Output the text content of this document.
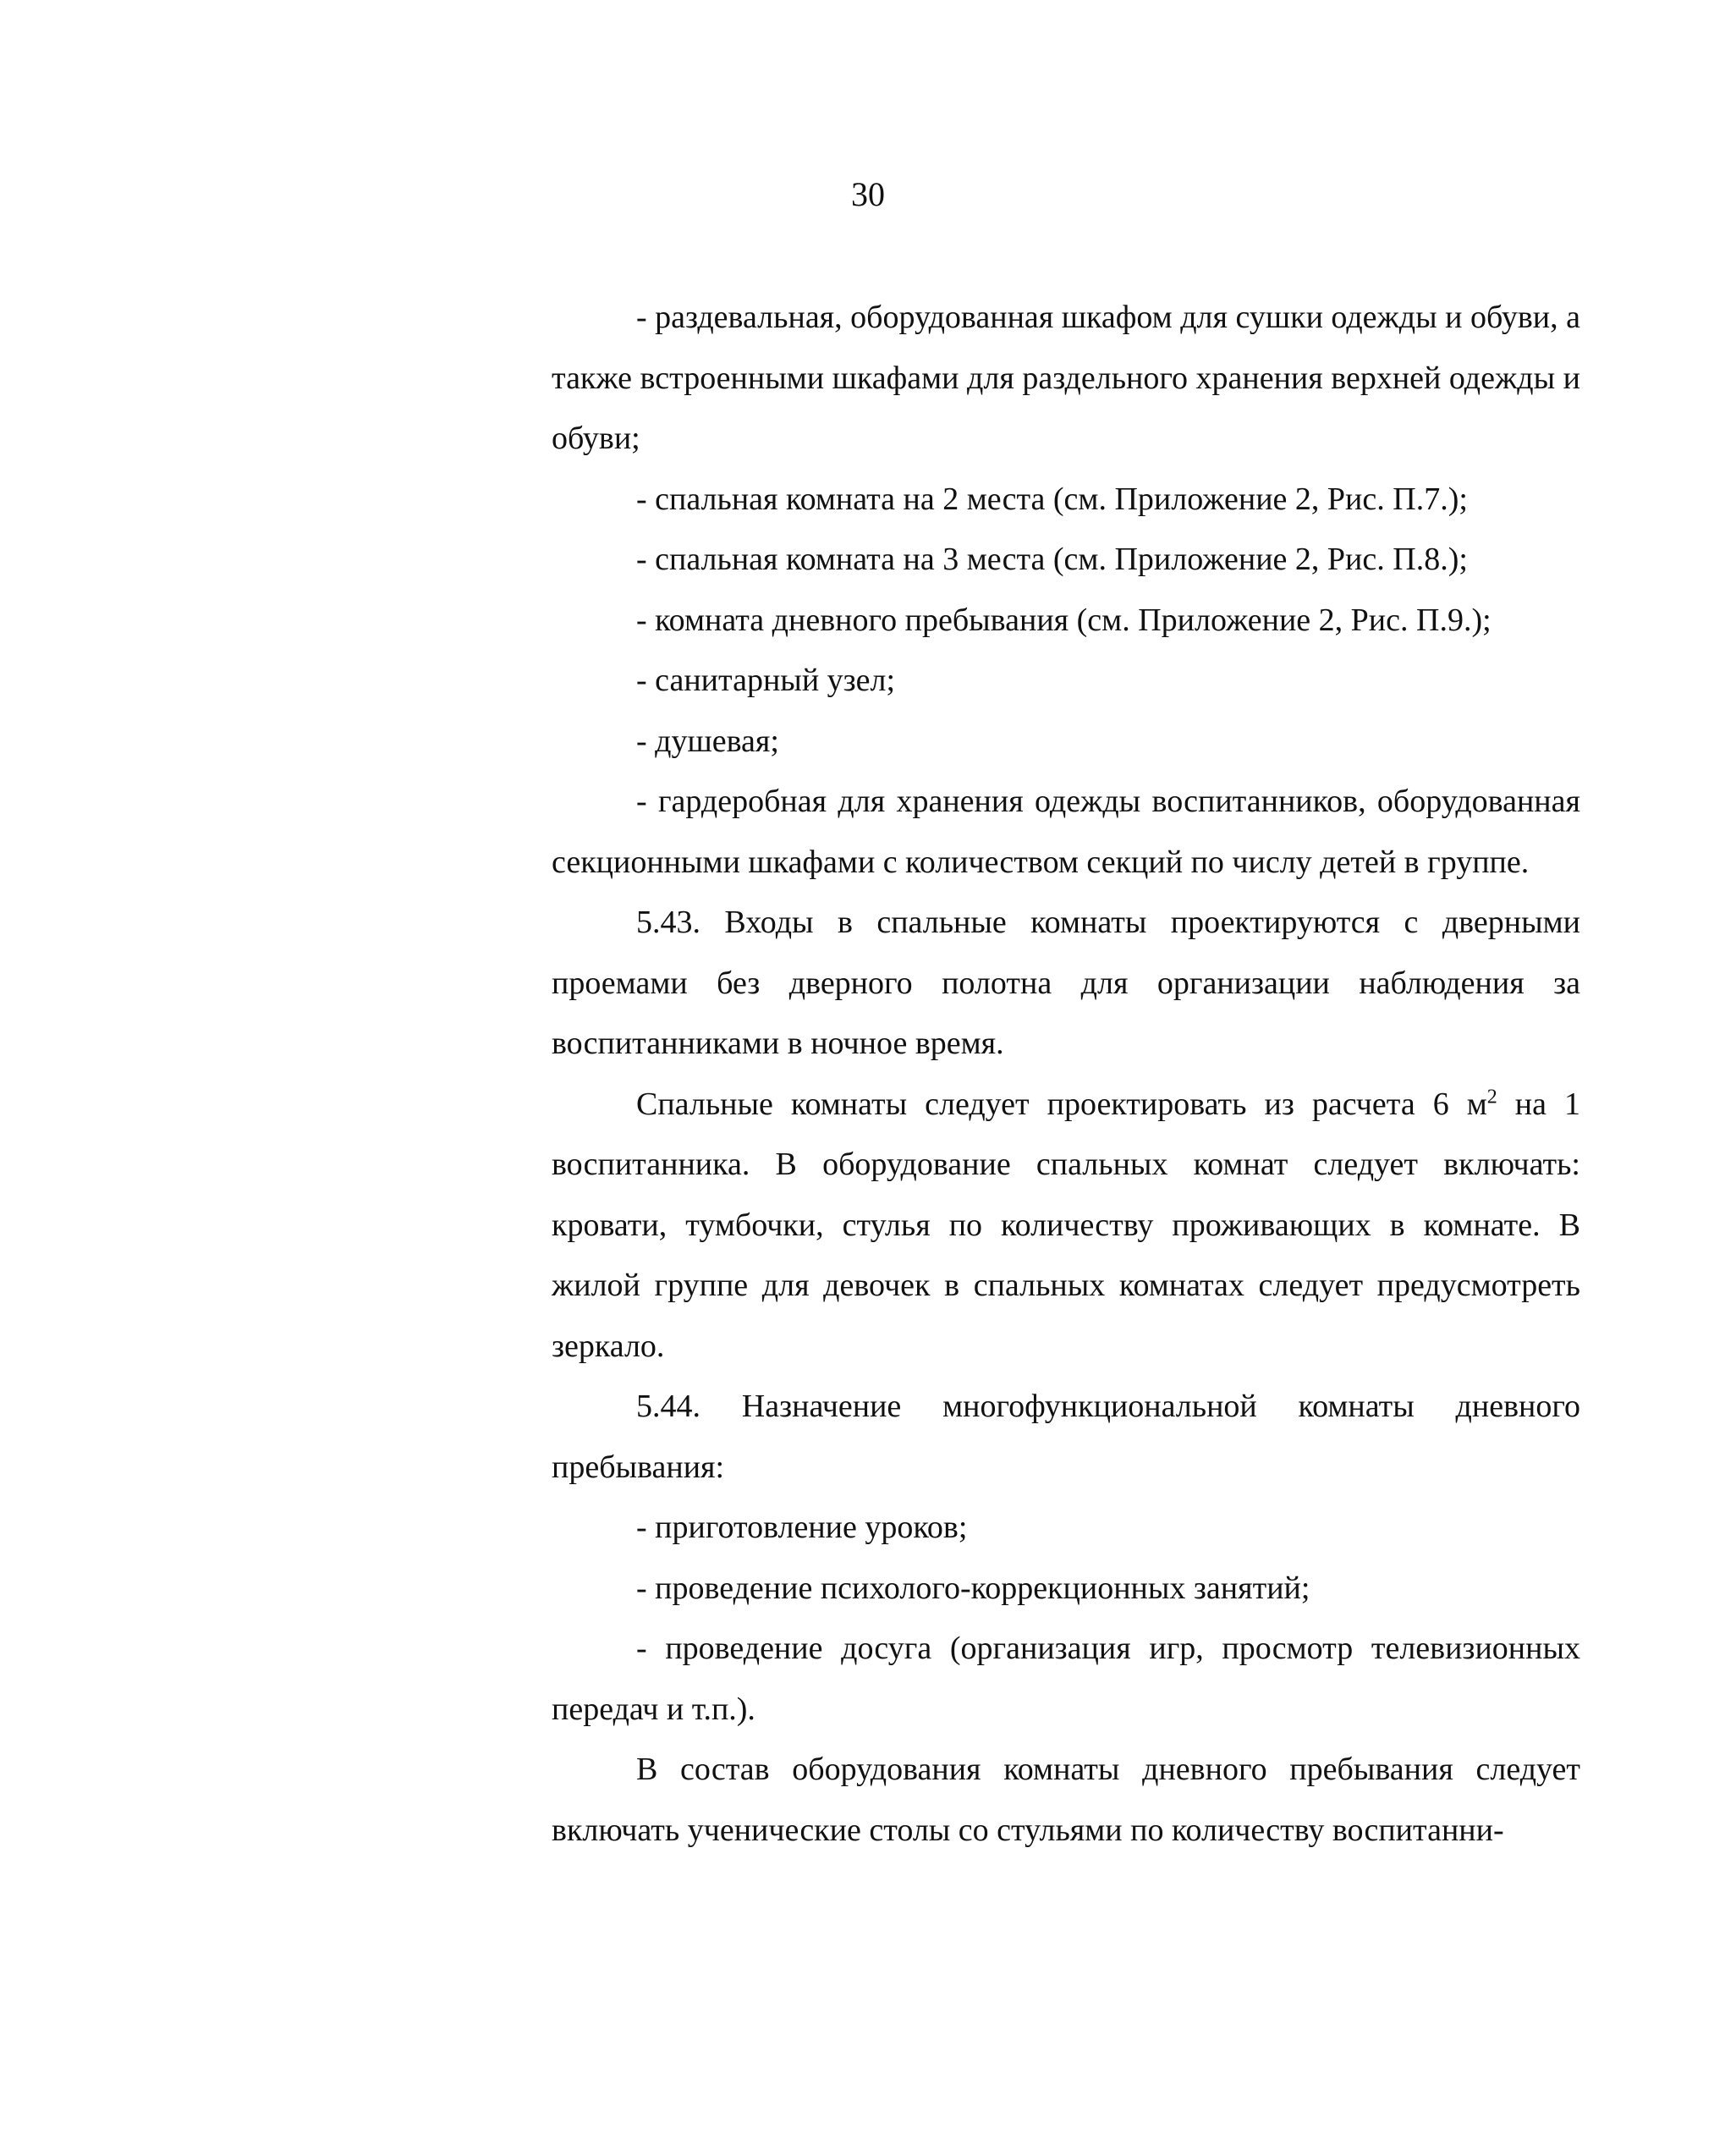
30

- раздевальная, оборудованная шкафом для сушки одежды и обуви, а также встроенными шкафами для раздельного хранения верхней одежды и обуви;

- спальная комната на 2 места (см. Приложение 2, Рис. П.7.);

- спальная комната на 3 места (см. Приложение 2, Рис. П.8.);

- комната дневного пребывания (см. Приложение 2, Рис. П.9.);

- санитарный узел;

- душевая;

- гардеробная для хранения одежды воспитанников, оборудованная секционными шкафами с количеством секций по числу детей в группе.

5.43. Входы в спальные комнаты проектируются с дверными проемами без дверного полотна для организации наблюдения за воспитанниками в ночное время.

Спальные комнаты следует проектировать из расчета 6 $м^2$ на 1 воспитанника. В оборудование спальных комнат следует включать: кровати, тумбочки, стулья по количеству проживающих в комнате. В жилой группе для девочек в спальных комнатах следует предусмотреть зеркало.

5.44. Назначение многофункциональной комнаты дневного пребывания:

- приготовление уроков;

- проведение психолого-коррекционных занятий;

- проведение досуга (организация игр, просмотр телевизионных передач и т.п.).

В состав оборудования комнаты дневного пребывания следует включать ученические столы со стульями по количеству воспитанни-
